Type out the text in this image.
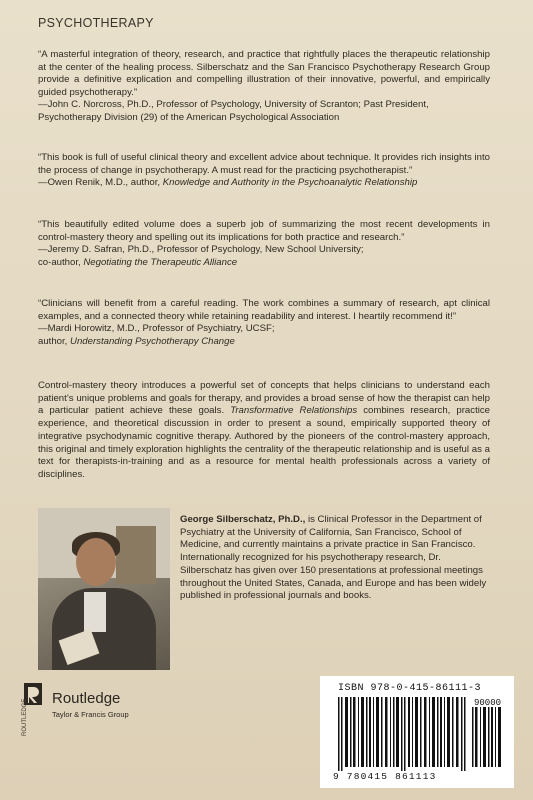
PSYCHOTHERAPY

“A masterful integration of theory, research, and practice that rightfully places the therapeutic relationship at the center of the healing process. Silberschatz and the San Francisco Psychotherapy Research Group provide a definitive explication and compelling illustration of their innovative, powerful, and empirically guided psychotherapy.”

—John C. Norcross, Ph.D., Professor of Psychology, University of Scranton; Past President,

Psychotherapy Division (29) of the American Psychological Association

“This book is full of useful clinical theory and excellent advice about technique. It provides rich insights into the process of change in psychotherapy. A must read for the practicing psychotherapist.”

—Owen Renik, M.D., author, Knowledge and Authority in the Psychoanalytic Relationship

“This beautifully edited volume does a superb job of summarizing the most recent developments in control-mastery theory and spelling out its implications for both practice and research.”

—Jeremy D. Safran, Ph.D., Professor of Psychology, New School University;

co-author, Negotiating the Therapeutic Alliance

“Clinicians will benefit from a careful reading. The work combines a summary of research, apt clinical examples, and a connected theory while retaining readability and interest. I heartily recommend it!”

—Mardi Horowitz, M.D., Professor of Psychiatry, UCSF;

author, Understanding Psychotherapy Change

Control-mastery theory introduces a powerful set of concepts that helps clinicians to understand each patient’s unique problems and goals for therapy, and provides a broad sense of how the therapist can help a particular patient achieve these goals. Transformative Relationships combines research, practice experience, and theoretical discussion in order to present a sound, empirically supported theory of integrative psychodynamic cognitive therapy. Authored by the pioneers of the control-mastery approach, this original and timely exploration highlights the centrality of the therapeutic relationship and is useful as a text for therapists-in-training and as a resource for mental health professionals across a variety of disciplines.
George Silberschatz, Ph.D., is Clinical Professor in the Department of Psychiatry at the University of California, San Francisco, School of Medicine, and currently maintains a private practice in San Francisco. Internationally recognized for his psychotherapy research, Dr. Silberschatz has given over 150 presentations at professional meetings throughout the United States, Canada, and Europe and has been widely published in professional journals and books.
ROUTLEDGE
Routledge
Taylor & Francis Group
ISBN 978-0-415-86111-3
90000
9 780415 861113
